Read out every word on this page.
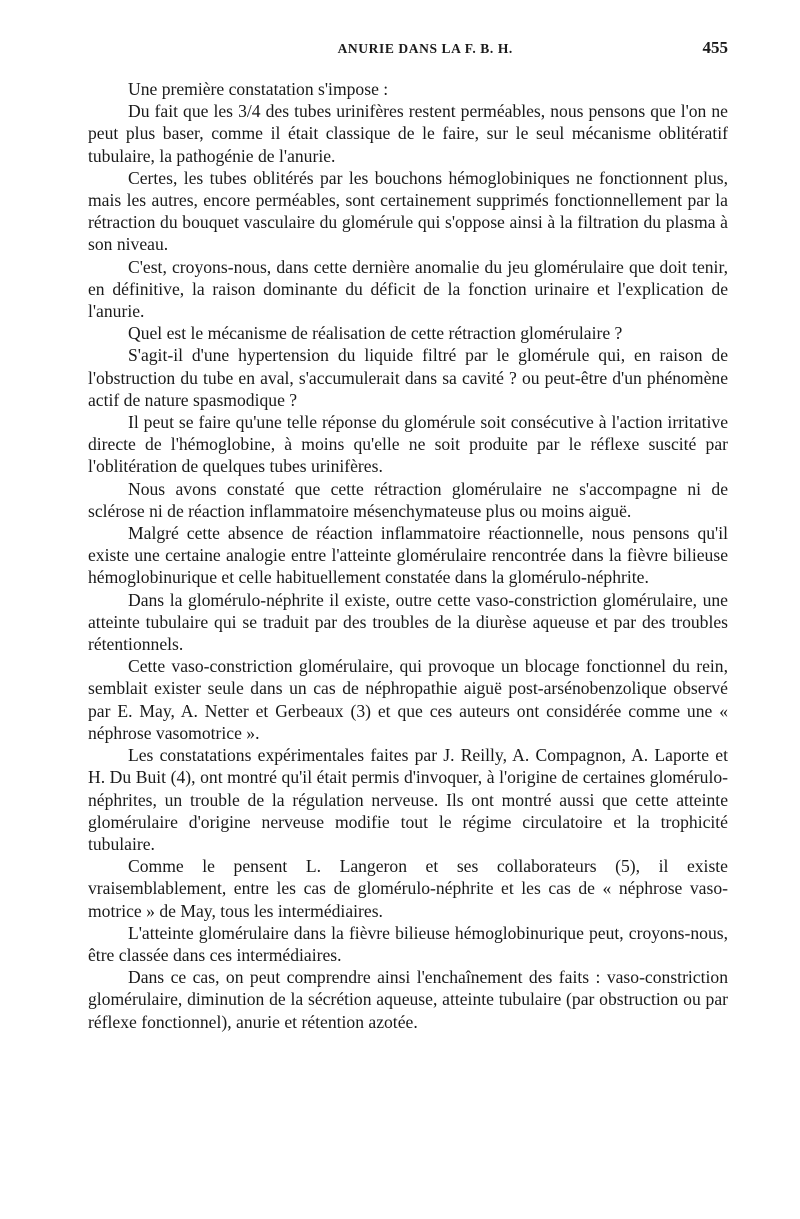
ANURIE DANS LA F. B. H.	455

Une première constatation s'impose :

Du fait que les 3/4 des tubes urinifères restent perméables, nous pensons que l'on ne peut plus baser, comme il était classique de le faire, sur le seul mécanisme oblitératif tubulaire, la pathogénie de l'anurie.

Certes, les tubes oblitérés par les bouchons hémoglobiniques ne fonctionnent plus, mais les autres, encore perméables, sont certainement supprimés fonctionnellement par la rétraction du bouquet vasculaire du glomérule qui s'oppose ainsi à la filtration du plasma à son niveau.

C'est, croyons-nous, dans cette dernière anomalie du jeu glomérulaire que doit tenir, en définitive, la raison dominante du déficit de la fonction urinaire et l'explication de l'anurie.

Quel est le mécanisme de réalisation de cette rétraction glomérulaire ?

S'agit-il d'une hypertension du liquide filtré par le glomérule qui, en raison de l'obstruction du tube en aval, s'accumulerait dans sa cavité ? ou peut-être d'un phénomène actif de nature spasmodique ?

Il peut se faire qu'une telle réponse du glomérule soit consécutive à l'action irritative directe de l'hémoglobine, à moins qu'elle ne soit produite par le réflexe suscité par l'oblitération de quelques tubes urinifères.

Nous avons constaté que cette rétraction glomérulaire ne s'accompagne ni de sclérose ni de réaction inflammatoire mésenchymateuse plus ou moins aiguë.

Malgré cette absence de réaction inflammatoire réactionnelle, nous pensons qu'il existe une certaine analogie entre l'atteinte glomérulaire rencontrée dans la fièvre bilieuse hémoglobinurique et celle habituellement constatée dans la glomérulo-néphrite.

Dans la glomérulo-néphrite il existe, outre cette vaso-constriction glomérulaire, une atteinte tubulaire qui se traduit par des troubles de la diurèse aqueuse et par des troubles rétentionnels.

Cette vaso-constriction glomérulaire, qui provoque un blocage fonctionnel du rein, semblait exister seule dans un cas de néphropathie aiguë post-arsénobenzolique observé par E. May, A. Netter et Gerbeaux (3) et que ces auteurs ont considérée comme une « néphrose vasomotrice ».

Les constatations expérimentales faites par J. Reilly, A. Compagnon, A. Laporte et H. Du Buit (4), ont montré qu'il était permis d'invoquer, à l'origine de certaines glomérulo-néphrites, un trouble de la régulation nerveuse. Ils ont montré aussi que cette atteinte glomérulaire d'origine nerveuse modifie tout le régime circulatoire et la trophicité tubulaire.

Comme le pensent L. Langeron et ses collaborateurs (5), il existe vraisemblablement, entre les cas de glomérulo-néphrite et les cas de « néphrose vaso-motrice » de May, tous les intermédiaires.

L'atteinte glomérulaire dans la fièvre bilieuse hémoglobinurique peut, croyons-nous, être classée dans ces intermédiaires.

Dans ce cas, on peut comprendre ainsi l'enchaînement des faits : vaso-constriction glomérulaire, diminution de la sécrétion aqueuse, atteinte tubulaire (par obstruction ou par réflexe fonctionnel), anurie et rétention azotée.
